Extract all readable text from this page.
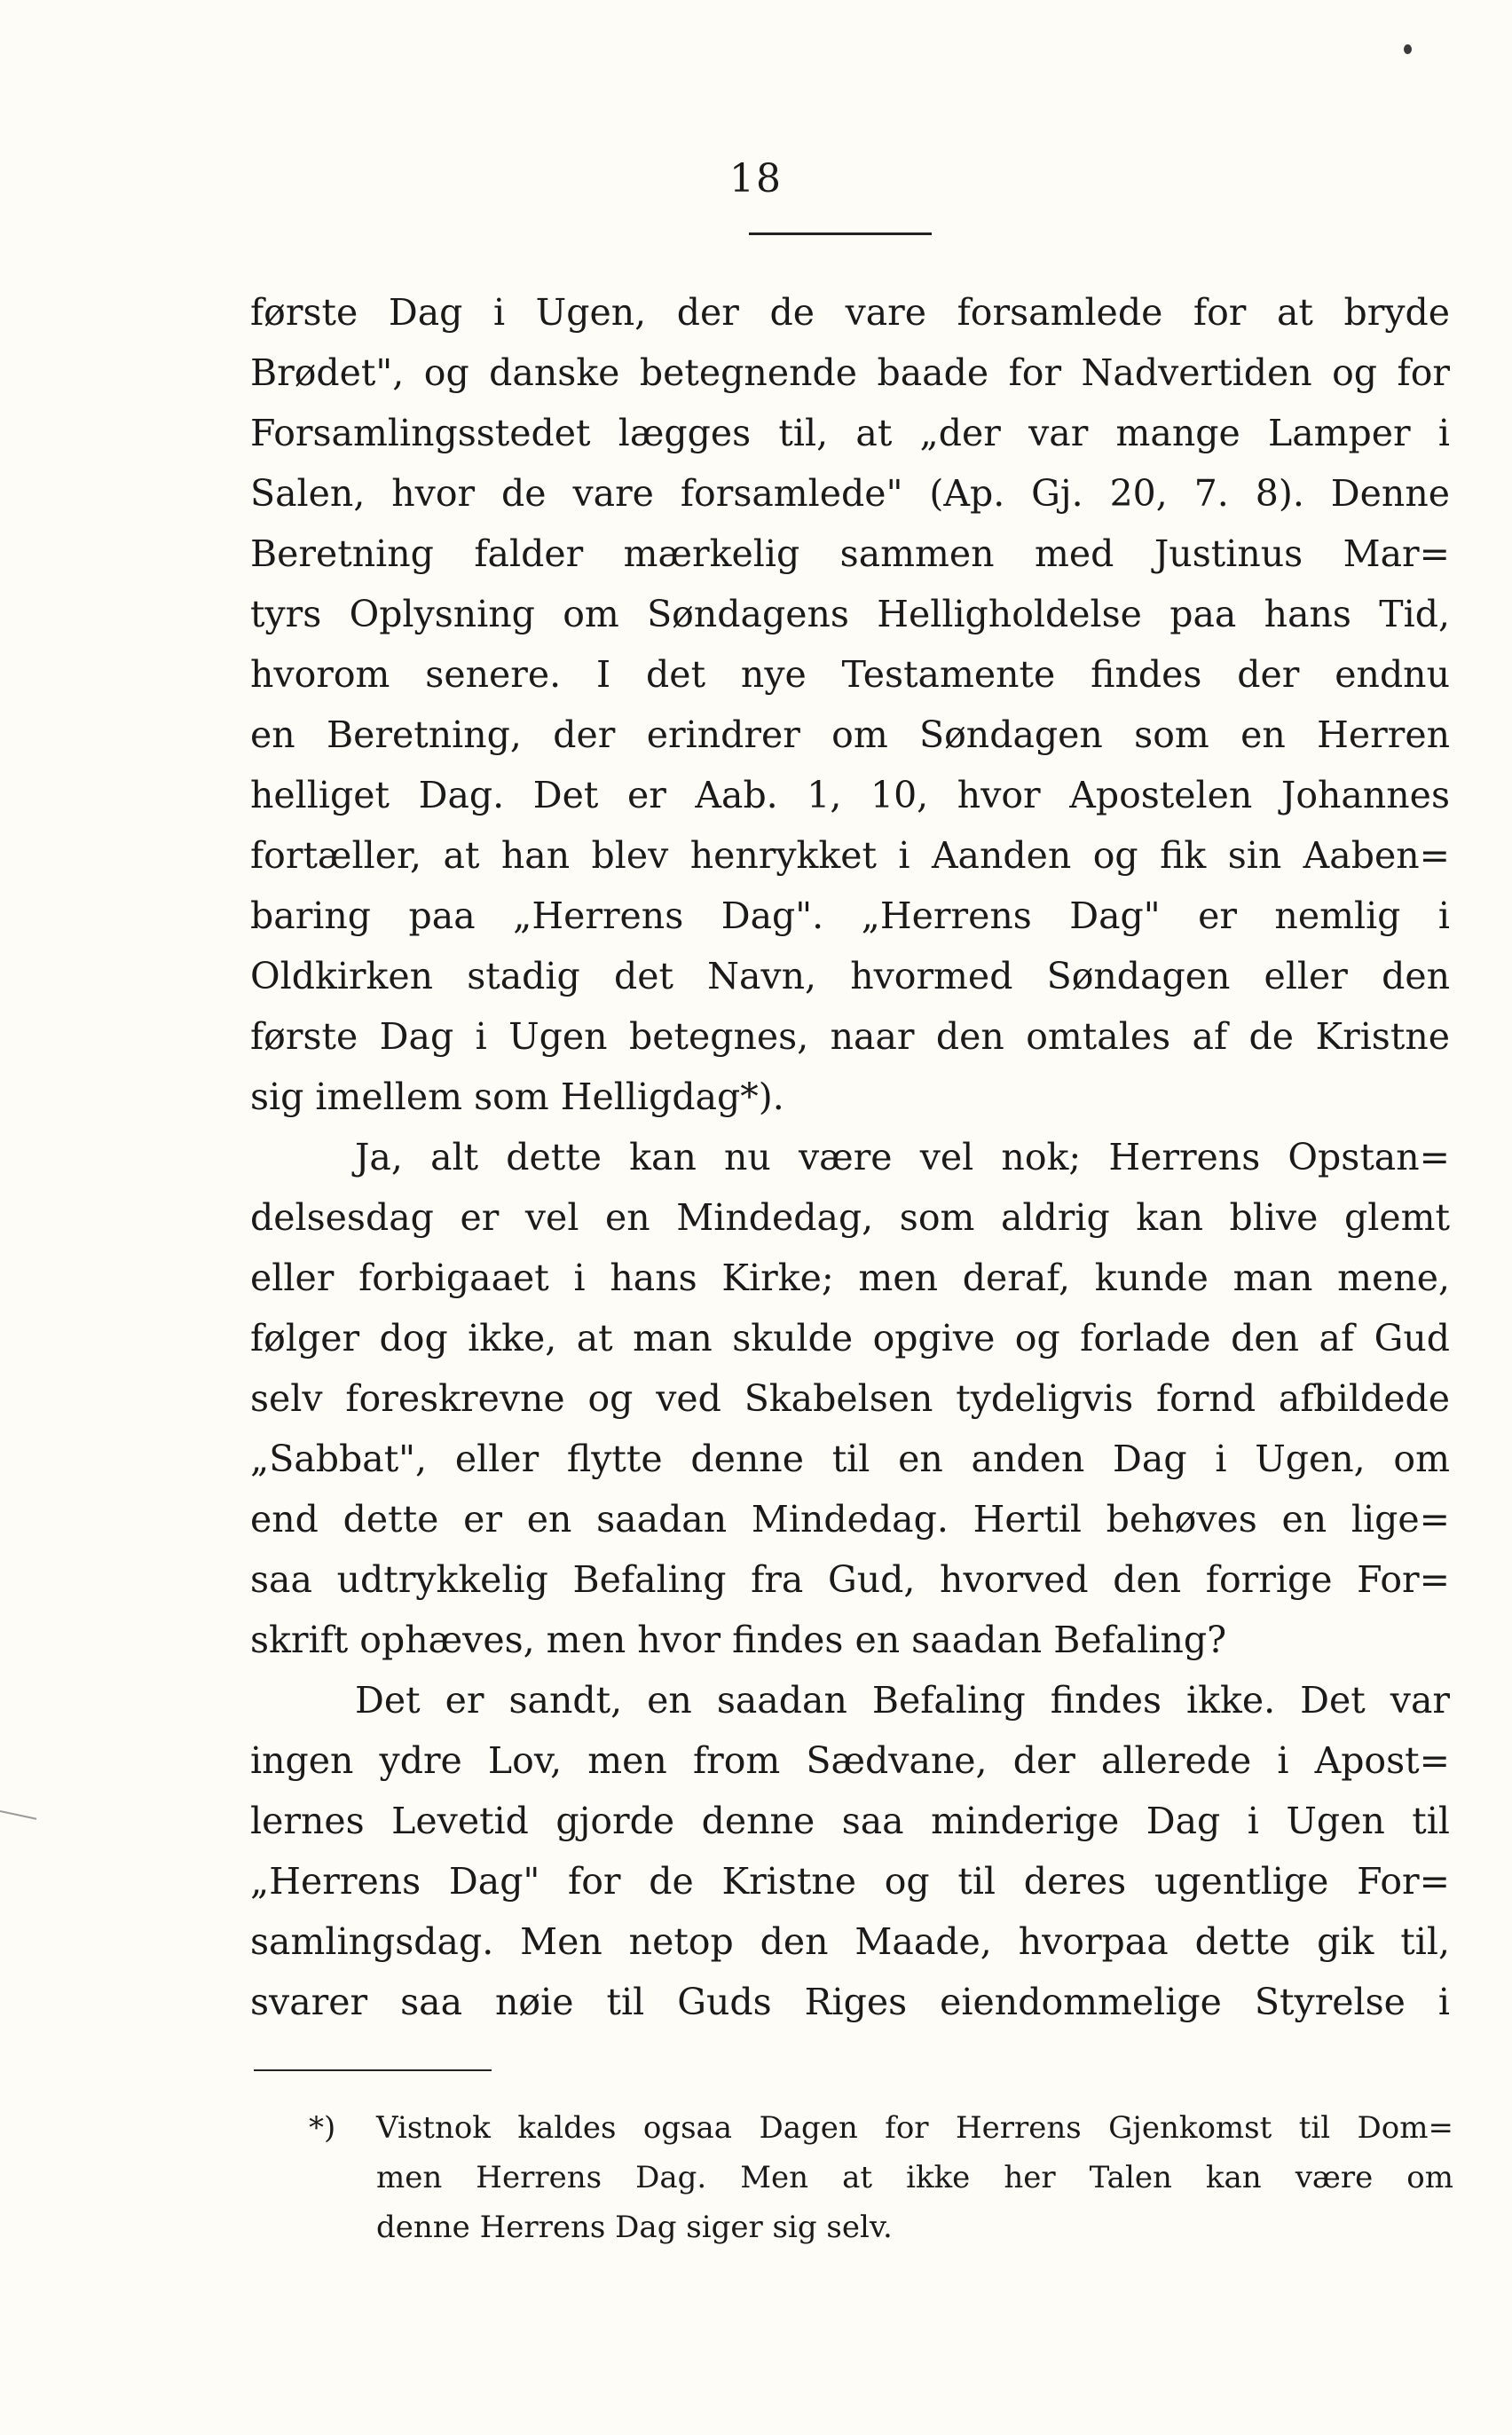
18
første Dag i Ugen, der de vare forsamlede for at bryde
Brødet", og danske betegnende baade for Nadvertiden og for
Forsamlingsstedet lægges til, at „der var mange Lamper i
Salen, hvor de vare forsamlede" (Ap. Gj. 20, 7. 8). Denne
Beretning falder mærkelig sammen med Justinus Mar=
tyrs Oplysning om Søndagens Helligholdelse paa hans Tid,
hvorom senere. I det nye Testamente findes der endnu
en Beretning, der erindrer om Søndagen som en Herren
helliget Dag. Det er Aab. 1, 10, hvor Apostelen Johannes
fortæller, at han blev henrykket i Aanden og fik sin Aaben=
baring paa „Herrens Dag". „Herrens Dag" er nemlig i
Oldkirken stadig det Navn, hvormed Søndagen eller den
første Dag i Ugen betegnes, naar den omtales af de Kristne
sig imellem som Helligdag*).
Ja, alt dette kan nu være vel nok; Herrens Opstan=
delsesdag er vel en Mindedag, som aldrig kan blive glemt
eller forbigaaet i hans Kirke; men deraf, kunde man mene,
følger dog ikke, at man skulde opgive og forlade den af Gud
selv foreskrevne og ved Skabelsen tydeligvis fornd afbildede
„Sabbat", eller flytte denne til en anden Dag i Ugen, om
end dette er en saadan Mindedag. Hertil behøves en lige=
saa udtrykkelig Befaling fra Gud, hvorved den forrige For=
skrift ophæves, men hvor findes en saadan Befaling?
Det er sandt, en saadan Befaling findes ikke. Det var
ingen ydre Lov, men from Sædvane, der allerede i Apost=
lernes Levetid gjorde denne saa minderige Dag i Ugen til
„Herrens Dag" for de Kristne og til deres ugentlige For=
samlingsdag. Men netop den Maade, hvorpaa dette gik til,
svarer saa nøie til Guds Riges eiendommelige Styrelse i
*)	Vistnok kaldes ogsaa Dagen for Herrens Gjenkomst til Dom=
men Herrens Dag. Men at ikke her Talen kan være om
denne Herrens Dag siger sig selv.
